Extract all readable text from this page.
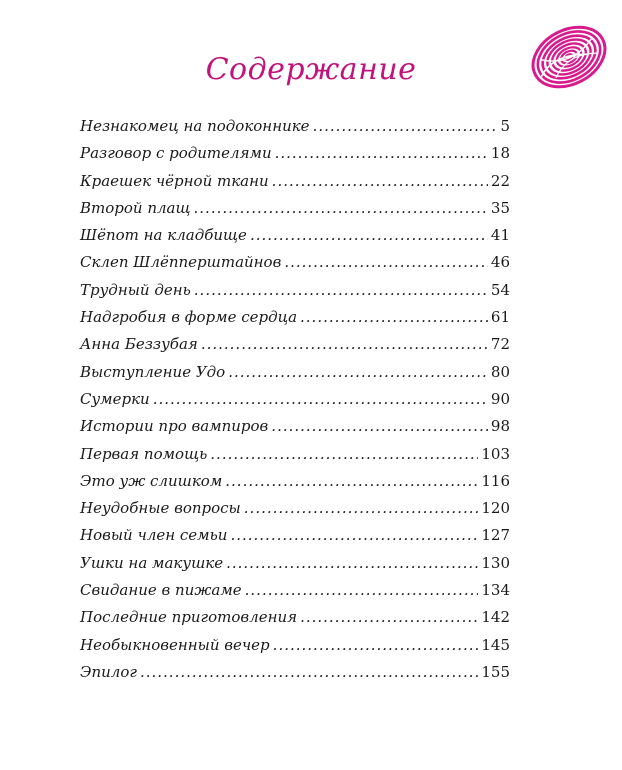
Содержание
Незнакомец на подоконнике .....	5
Разговор с родителями .....	18
Краешек чёрной ткани .....	22
Второй плащ .....	35
Шёпот на кладбище .....	41
Склеп Шлёпперштайнов .....	46
Трудный день .....	54
Надгробия в форме сердца .....	61
Анна Беззубая .....	72
Выступление Удо .....	80
Сумерки .....	90
Истории про вампиров .....	98
Первая помощь .....	103
Это уж слишком .....	116
Неудобные вопросы .....	120
Новый член семьи .....	127
Ушки на макушке .....	130
Свидание в пижаме .....	134
Последние приготовления .....	142
Необыкновенный вечер .....	145
Эпилог .....	155
